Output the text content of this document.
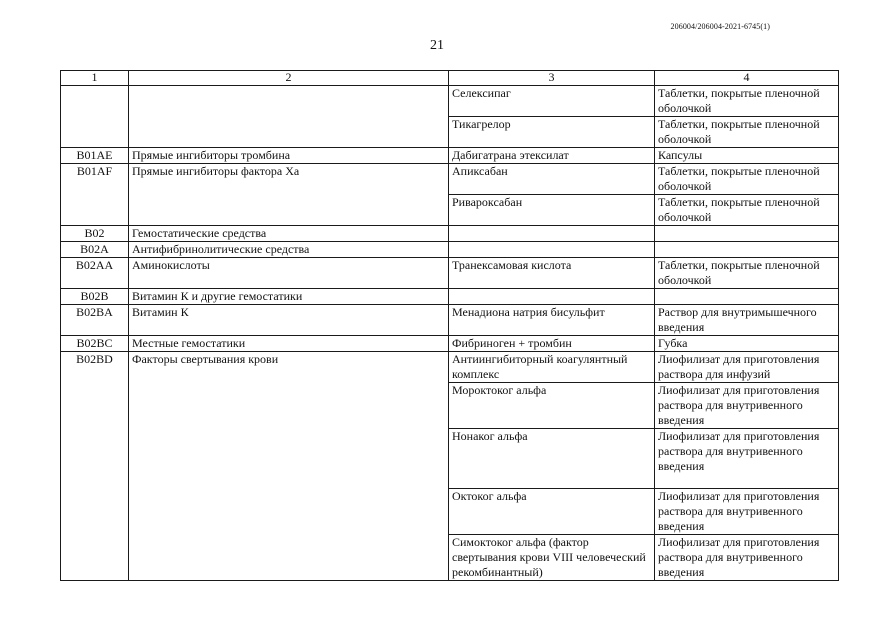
206004/206004-2021-6745(1)
21
1	2	3	4
		Селексипаг	Таблетки, покрытые пленочной оболочкой
		Тикагрелор	Таблетки, покрытые пленочной оболочкой
B01AE	Прямые ингибиторы тромбина	Дабигатрана этексилат	Капсулы
B01AF	Прямые ингибиторы фактора Ха	Апиксабан	Таблетки, покрытые пленочной оболочкой
		Ривароксабан	Таблетки, покрытые пленочной оболочкой
B02	Гемостатические средства		
B02A	Антифибринолитические средства		
B02AA	Аминокислоты	Транексамовая кислота	Таблетки, покрытые пленочной оболочкой
B02B	Витамин К и другие гемостатики		
B02BA	Витамин К	Менадиона натрия бисульфит	Раствор для внутримышечного введения
B02BC	Местные гемостатики	Фибриноген + тромбин	Губка
B02BD	Факторы свертывания крови	Антиингибиторный коагулянтный комплекс	Лиофилизат для приготовления раствора для инфузий
		Мороктоког альфа	Лиофилизат для приготовления раствора для внутривенного введения
		Нонаког альфа	Лиофилизат для приготовления раствора для внутривенного введения
		Октоког альфа	Лиофилизат для приготовления раствора для внутривенного введения
		Симоктоког альфа (фактор свертывания крови VIII человеческий рекомбинантный)	Лиофилизат для приготовления раствора для внутривенного введения
